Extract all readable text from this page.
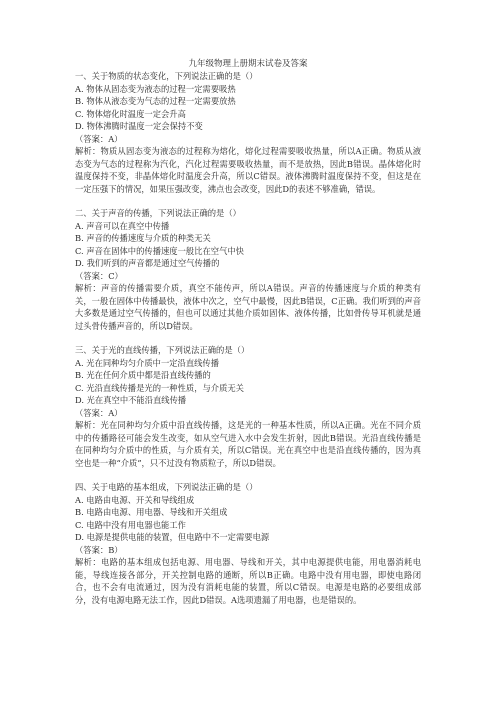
九年级物理上册期末试卷及答案

一、关于物质的状态变化，下列说法正确的是（）

A. 物体从固态变为液态的过程一定需要吸热

B. 物体从液态变为气态的过程一定需要放热

C. 物体熔化时温度一定会升高

D. 物体沸腾时温度一定会保持不变

（答案：A）

解析：物质从固态变为液态的过程称为熔化，熔化过程需要吸收热量，所以A正确。物质从液态变为气态的过程称为汽化，汽化过程需要吸收热量，而不是放热，因此B错误。晶体熔化时温度保持不变，非晶体熔化时温度会升高，所以C错误。液体沸腾时温度保持不变，但这是在一定压强下的情况，如果压强改变，沸点也会改变，因此D的表述不够准确，错误。

二、关于声音的传播，下列说法正确的是（）

A. 声音可以在真空中传播

B. 声音的传播速度与介质的种类无关

C. 声音在固体中的传播速度一般比在空气中快

D. 我们听到的声音都是通过空气传播的

（答案：C）

解析：声音的传播需要介质，真空不能传声，所以A错误。声音的传播速度与介质的种类有关，一般在固体中传播最快，液体中次之，空气中最慢，因此B错误，C正确。我们听到的声音大多数是通过空气传播的，但也可以通过其他介质如固体、液体传播，比如骨传导耳机就是通过头骨传播声音的，所以D错误。

三、关于光的直线传播，下列说法正确的是（）

A. 光在同种均匀介质中一定沿直线传播

B. 光在任何介质中都是沿直线传播的

C. 光沿直线传播是光的一种性质，与介质无关

D. 光在真空中不能沿直线传播

（答案：A）

解析：光在同种均匀介质中沿直线传播，这是光的一种基本性质，所以A正确。光在不同介质中的传播路径可能会发生改变，如从空气进入水中会发生折射，因此B错误。光沿直线传播是在同种均匀介质中的性质，与介质有关，所以C错误。光在真空中也是沿直线传播的，因为真空也是一种“介质”，只不过没有物质粒子，所以D错误。

四、关于电路的基本组成，下列说法正确的是（）

A. 电路由电源、开关和导线组成

B. 电路由电源、用电器、导线和开关组成

C. 电路中没有用电器也能工作

D. 电源是提供电能的装置，但电路中不一定需要电源

（答案：B）

解析：电路的基本组成包括电源、用电器、导线和开关，其中电源提供电能，用电器消耗电能，导线连接各部分，开关控制电路的通断，所以B正确。电路中没有用电器，即使电路闭合，也不会有电流通过，因为没有消耗电能的装置，所以C错误。电源是电路的必要组成部分，没有电源电路无法工作，因此D错误。A选项遗漏了用电器，也是错误的。
